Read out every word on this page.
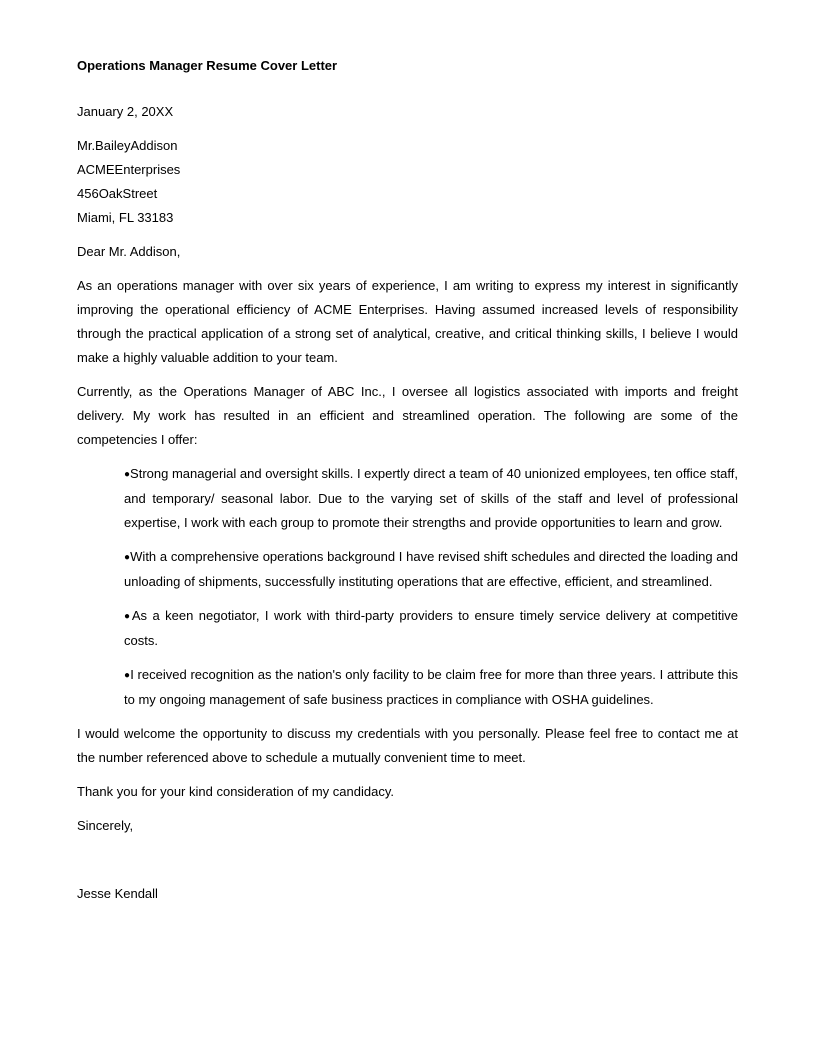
Operations Manager Resume Cover Letter
January 2, 20XX
Mr.BaileyAddison
ACMEEnterprises
456OakStreet
Miami, FL 33183
Dear Mr. Addison,
As an operations manager with over six years of experience, I am writing to express my interest in significantly improving the operational efficiency of ACME Enterprises. Having assumed increased levels of responsibility through the practical application of a strong set of analytical, creative, and critical thinking skills, I believe I would make a highly valuable addition to your team.
Currently, as the Operations Manager of ABC Inc., I oversee all logistics associated with imports and freight delivery. My work has resulted in an efficient and streamlined operation. The following are some of the competencies I offer:
●Strong managerial and oversight skills. I expertly direct a team of 40 unionized employees, ten office staff, and temporary/ seasonal labor. Due to the varying set of skills of the staff and level of professional expertise, I work with each group to promote their strengths and provide opportunities to learn and grow.
●With a comprehensive operations background I have revised shift schedules and directed the loading and unloading of shipments, successfully instituting operations that are effective, efficient, and streamlined.
●As a keen negotiator, I work with third-party providers to ensure timely service delivery at competitive costs.
●I received recognition as the nation's only facility to be claim free for more than three years. I attribute this to my ongoing management of safe business practices in compliance with OSHA guidelines.
I would welcome the opportunity to discuss my credentials with you personally. Please feel free to contact me at the number referenced above to schedule a mutually convenient time to meet.
Thank you for your kind consideration of my candidacy.
Sincerely,
Jesse Kendall
